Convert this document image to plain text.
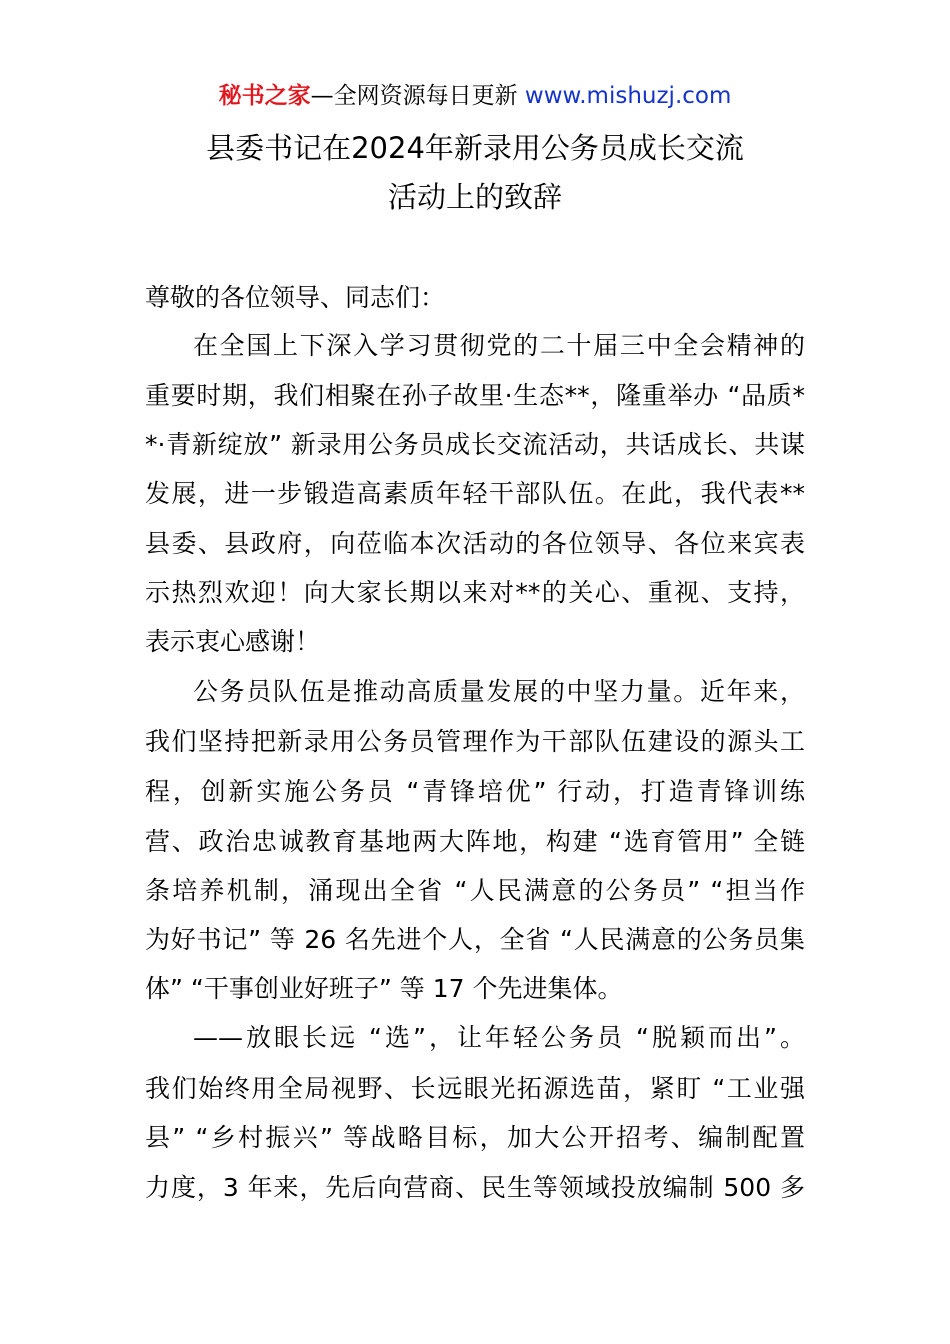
秘书之家—全网资源每日更新 www.mishuzj.com
县委书记在2024年新录用公务员成长交流
活动上的致辞
尊敬的各位领导、同志们：
在全国上下深入学习贯彻党的二十届三中全会精神的
重要时期，我们相聚在孙子故里·生态**，隆重举办 “品质*
*·青新绽放” 新录用公务员成长交流活动，共话成长、共谋
发展，进一步锻造高素质年轻干部队伍。在此，我代表**
县委、县政府，向莅临本次活动的各位领导、各位来宾表
示热烈欢迎！向大家长期以来对**的关心、重视、支持，
表示衷心感谢！
公务员队伍是推动高质量发展的中坚力量。近年来，
我们坚持把新录用公务员管理作为干部队伍建设的源头工
程，创新实施公务员 “青锋培优” 行动，打造青锋训练
营、政治忠诚教育基地两大阵地，构建 “选育管用” 全链
条培养机制，涌现出全省 “人民满意的公务员” “担当作
为好书记” 等 26 名先进个人，全省 “人民满意的公务员集
体” “干事创业好班子” 等 17 个先进集体。
——放眼长远 “选”，让年轻公务员 “脱颖而出”。
我们始终用全局视野、长远眼光拓源选苗，紧盯 “工业强
县” “乡村振兴” 等战略目标，加大公开招考、编制配置
力度，3 年来，先后向营商、民生等领域投放编制 500 多
